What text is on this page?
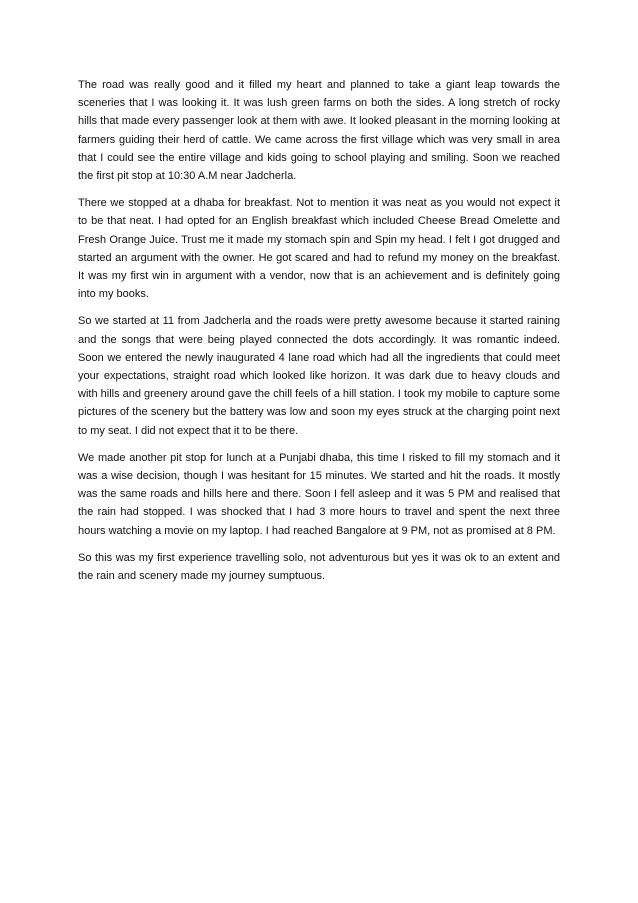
The road was really good and it filled my heart and planned to take a giant leap towards the sceneries that I was looking it. It was lush green farms on both the sides. A long stretch of rocky hills that made every passenger look at them with awe. It looked pleasant in the morning looking at farmers guiding their herd of cattle. We came across the first village which was very small in area that I could see the entire village and kids going to school playing and smiling. Soon we reached the first pit stop at 10:30 A.M near Jadcherla.

There we stopped at a dhaba for breakfast. Not to mention it was neat as you would not expect it to be that neat. I had opted for an English breakfast which included Cheese Bread Omelette and Fresh Orange Juice. Trust me it made my stomach spin and Spin my head. I felt I got drugged and started an argument with the owner. He got scared and had to refund my money on the breakfast. It was my first win in argument with a vendor, now that is an achievement and is definitely going into my books.

So we started at 11 from Jadcherla and the roads were pretty awesome because it started raining and the songs that were being played connected the dots accordingly. It was romantic indeed. Soon we entered the newly inaugurated 4 lane road which had all the ingredients that could meet your expectations, straight road which looked like horizon. It was dark due to heavy clouds and with hills and greenery around gave the chill feels of a hill station. I took my mobile to capture some pictures of the scenery but the battery was low and soon my eyes struck at the charging point next to my seat. I did not expect that it to be there.

We made another pit stop for lunch at a Punjabi dhaba, this time I risked to fill my stomach and it was a wise decision, though I was hesitant for 15 minutes. We started and hit the roads. It mostly was the same roads and hills here and there. Soon I fell asleep and it was 5 PM and realised that the rain had stopped. I was shocked that I had 3 more hours to travel and spent the next three hours watching a movie on my laptop. I had reached Bangalore at 9 PM, not as promised at 8 PM.

So this was my first experience travelling solo, not adventurous but yes it was ok to an extent and the rain and scenery made my journey sumptuous.
